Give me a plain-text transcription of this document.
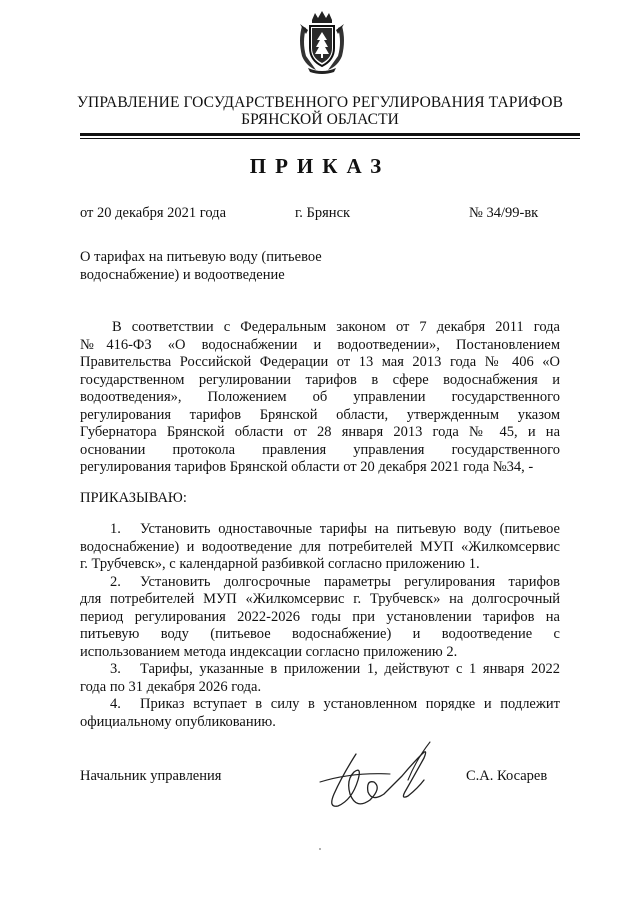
УПРАВЛЕНИЕ ГОСУДАРСТВЕННОГО РЕГУЛИРОВАНИЯ ТАРИФОВ
БРЯНСКОЙ ОБЛАСТИ
ПРИКАЗ
от 20 декабря 2021 года	г. Брянск	№ 34/99-вк
О тарифах на питьевую воду (питьевое
водоснабжение) и водоотведение
В соответствии с Федеральным законом от 7 декабря 2011 года
№416-ФЗ «О водоснабжении и водоотведении», Постановлением
Правительства Российской Федерации от 13 мая 2013 года № 406 «О
государственном регулировании тарифов в сфере водоснабжения и
водоотведения», Положением об управлении государственного
регулирования тарифов Брянской области, утвержденным указом
Губернатора Брянской области от 28 января 2013 года № 45, и на
основании протокола правления управления государственного
регулирования тарифов Брянской области от 20 декабря 2021 года №34, -
ПРИКАЗЫВАЮ:
1. Установить одноставочные тарифы на питьевую воду (питьевое
водоснабжение) и водоотведение для потребителей МУП «Жилкомсервис
г. Трубчевск», с календарной разбивкой согласно приложению 1.
2. Установить долгосрочные параметры регулирования тарифов
для потребителей МУП «Жилкомсервис г. Трубчевск» на долгосрочный
период регулирования 2022-2026 годы при установлении тарифов на
питьевую воду (питьевое водоснабжение) и водоотведение с
использованием метода индексации согласно приложению 2.
3. Тарифы, указанные в приложении 1, действуют с 1 января 2022
года по 31 декабря 2026 года.
4. Приказ вступает в силу в установленном порядке и подлежит
официальному опубликованию.
Начальник управления	С.А. Косарев
